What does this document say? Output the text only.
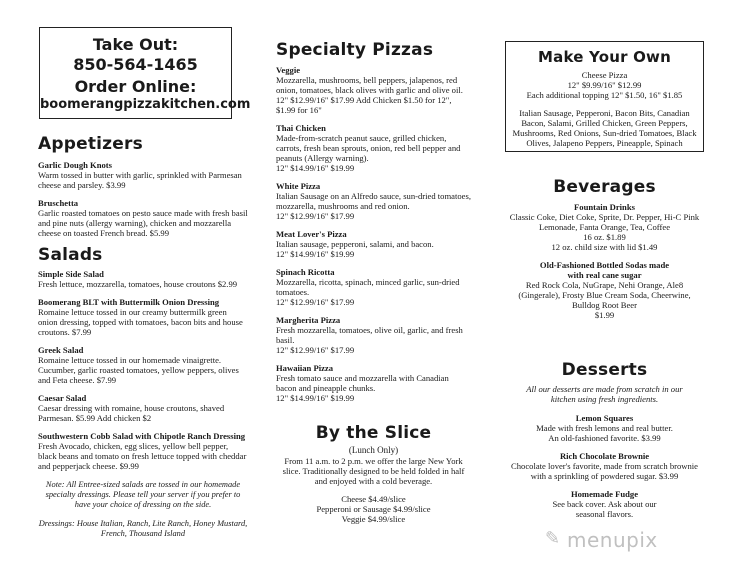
Take Out:
850-564-1465
Order Online:
boomerangpizzakitchen.com
Appetizers
Garlic Dough Knots
Warm tossed in butter with garlic, sprinkled with Parmesan cheese and parsley. $3.99
Bruschetta
Garlic roasted tomatoes on pesto sauce made with fresh basil and pine nuts (allergy warning), chicken and mozzarella cheese on toasted French bread. $5.99
Salads
Simple Side Salad
Fresh lettuce, mozzarella, tomatoes, house croutons $2.99
Boomerang BLT with Buttermilk Onion Dressing
Romaine lettuce tossed in our creamy buttermilk green onion dressing, topped with tomatoes, bacon bits and house croutons. $7.99
Greek Salad
Romaine lettuce tossed in our homemade vinaigrette. Cucumber, garlic roasted tomatoes, yellow peppers, olives and Feta cheese. $7.99
Caesar Salad
Caesar dressing with romaine, house croutons, shaved Parmesan. $5.99 Add chicken $2
Southwestern Cobb Salad with Chipotle Ranch Dressing
Fresh Avocado, chicken, egg slices, yellow bell pepper, black beans and tomato on fresh lettuce topped with cheddar and pepperjack cheese. $9.99
Note: All Entree-sized salads are tossed in our homemade specialty dressings. Please tell your server if you prefer to have your choice of dressing on the side.
Dressings: House Italian, Ranch, Lite Ranch, Honey Mustard, French, Thousand Island
Specialty Pizzas
Veggie
Mozzarella, mushrooms, bell peppers, jalapenos, red onion, tomatoes, black olives with garlic and olive oil.
12" $12.99/16" $17.99 Add Chicken $1.50 for 12", $1.99 for 16"
Thai Chicken
Made-from-scratch peanut sauce, grilled chicken, carrots, fresh bean sprouts, onion, red bell pepper and peanuts (Allergy warning).
12" $14.99/16" $19.99
White Pizza
Italian Sausage on an Alfredo sauce, sun-dried tomatoes, mozzarella, mushrooms and red onion.
12" $12.99/16" $17.99
Meat Lover's Pizza
Italian sausage, pepperoni, salami, and bacon.
12" $14.99/16" $19.99
Spinach Ricotta
Mozzarella, ricotta, spinach, minced garlic, sun-dried tomatoes.
12" $12.99/16" $17.99
Margherita Pizza
Fresh mozzarella, tomatoes, olive oil, garlic, and fresh basil.
12" $12.99/16" $17.99
Hawaiian Pizza
Fresh tomato sauce and mozzarella with Canadian bacon and pineapple chunks.
12" $14.99/16" $19.99
By the Slice
(Lunch Only)
From 11 a.m. to 2 p.m. we offer the large New York slice. Traditionally designed to be held folded in half and enjoyed with a cold beverage.
Cheese $4.49/slice
Pepperoni or Sausage $4.99/slice
Veggie $4.99/slice
Make Your Own
Cheese Pizza
12" $9.99/16" $12.99
Each additional topping 12" $1.50, 16" $1.85
Italian Sausage, Pepperoni, Bacon Bits, Canadian Bacon, Salami, Grilled Chicken, Green Peppers, Mushrooms, Red Onions, Sun-dried Tomatoes, Black Olives, Jalapeno Peppers, Pineapple, Spinach
Beverages
Fountain Drinks
Classic Coke, Diet Coke, Sprite, Dr. Pepper, Hi-C Pink Lemonade, Fanta Orange, Tea, Coffee
16 oz. $1.89
12 oz. child size with lid $1.49
Old-Fashioned Bottled Sodas made with real cane sugar
Red Rock Cola, NuGrape, Nehi Orange, Ale8 (Gingerale), Frosty Blue Cream Soda, Cheerwine, Bulldog Root Beer
$1.99
Desserts
All our desserts are made from scratch in our kitchen using fresh ingredients.
Lemon Squares
Made with fresh lemons and real butter. An old-fashioned favorite. $3.99
Rich Chocolate Brownie
Chocolate lover's favorite, made from scratch brownie with a sprinkling of powdered sugar. $3.99
Homemade Fudge
See back cover. Ask about our seasonal flavors.
✎ menupix
